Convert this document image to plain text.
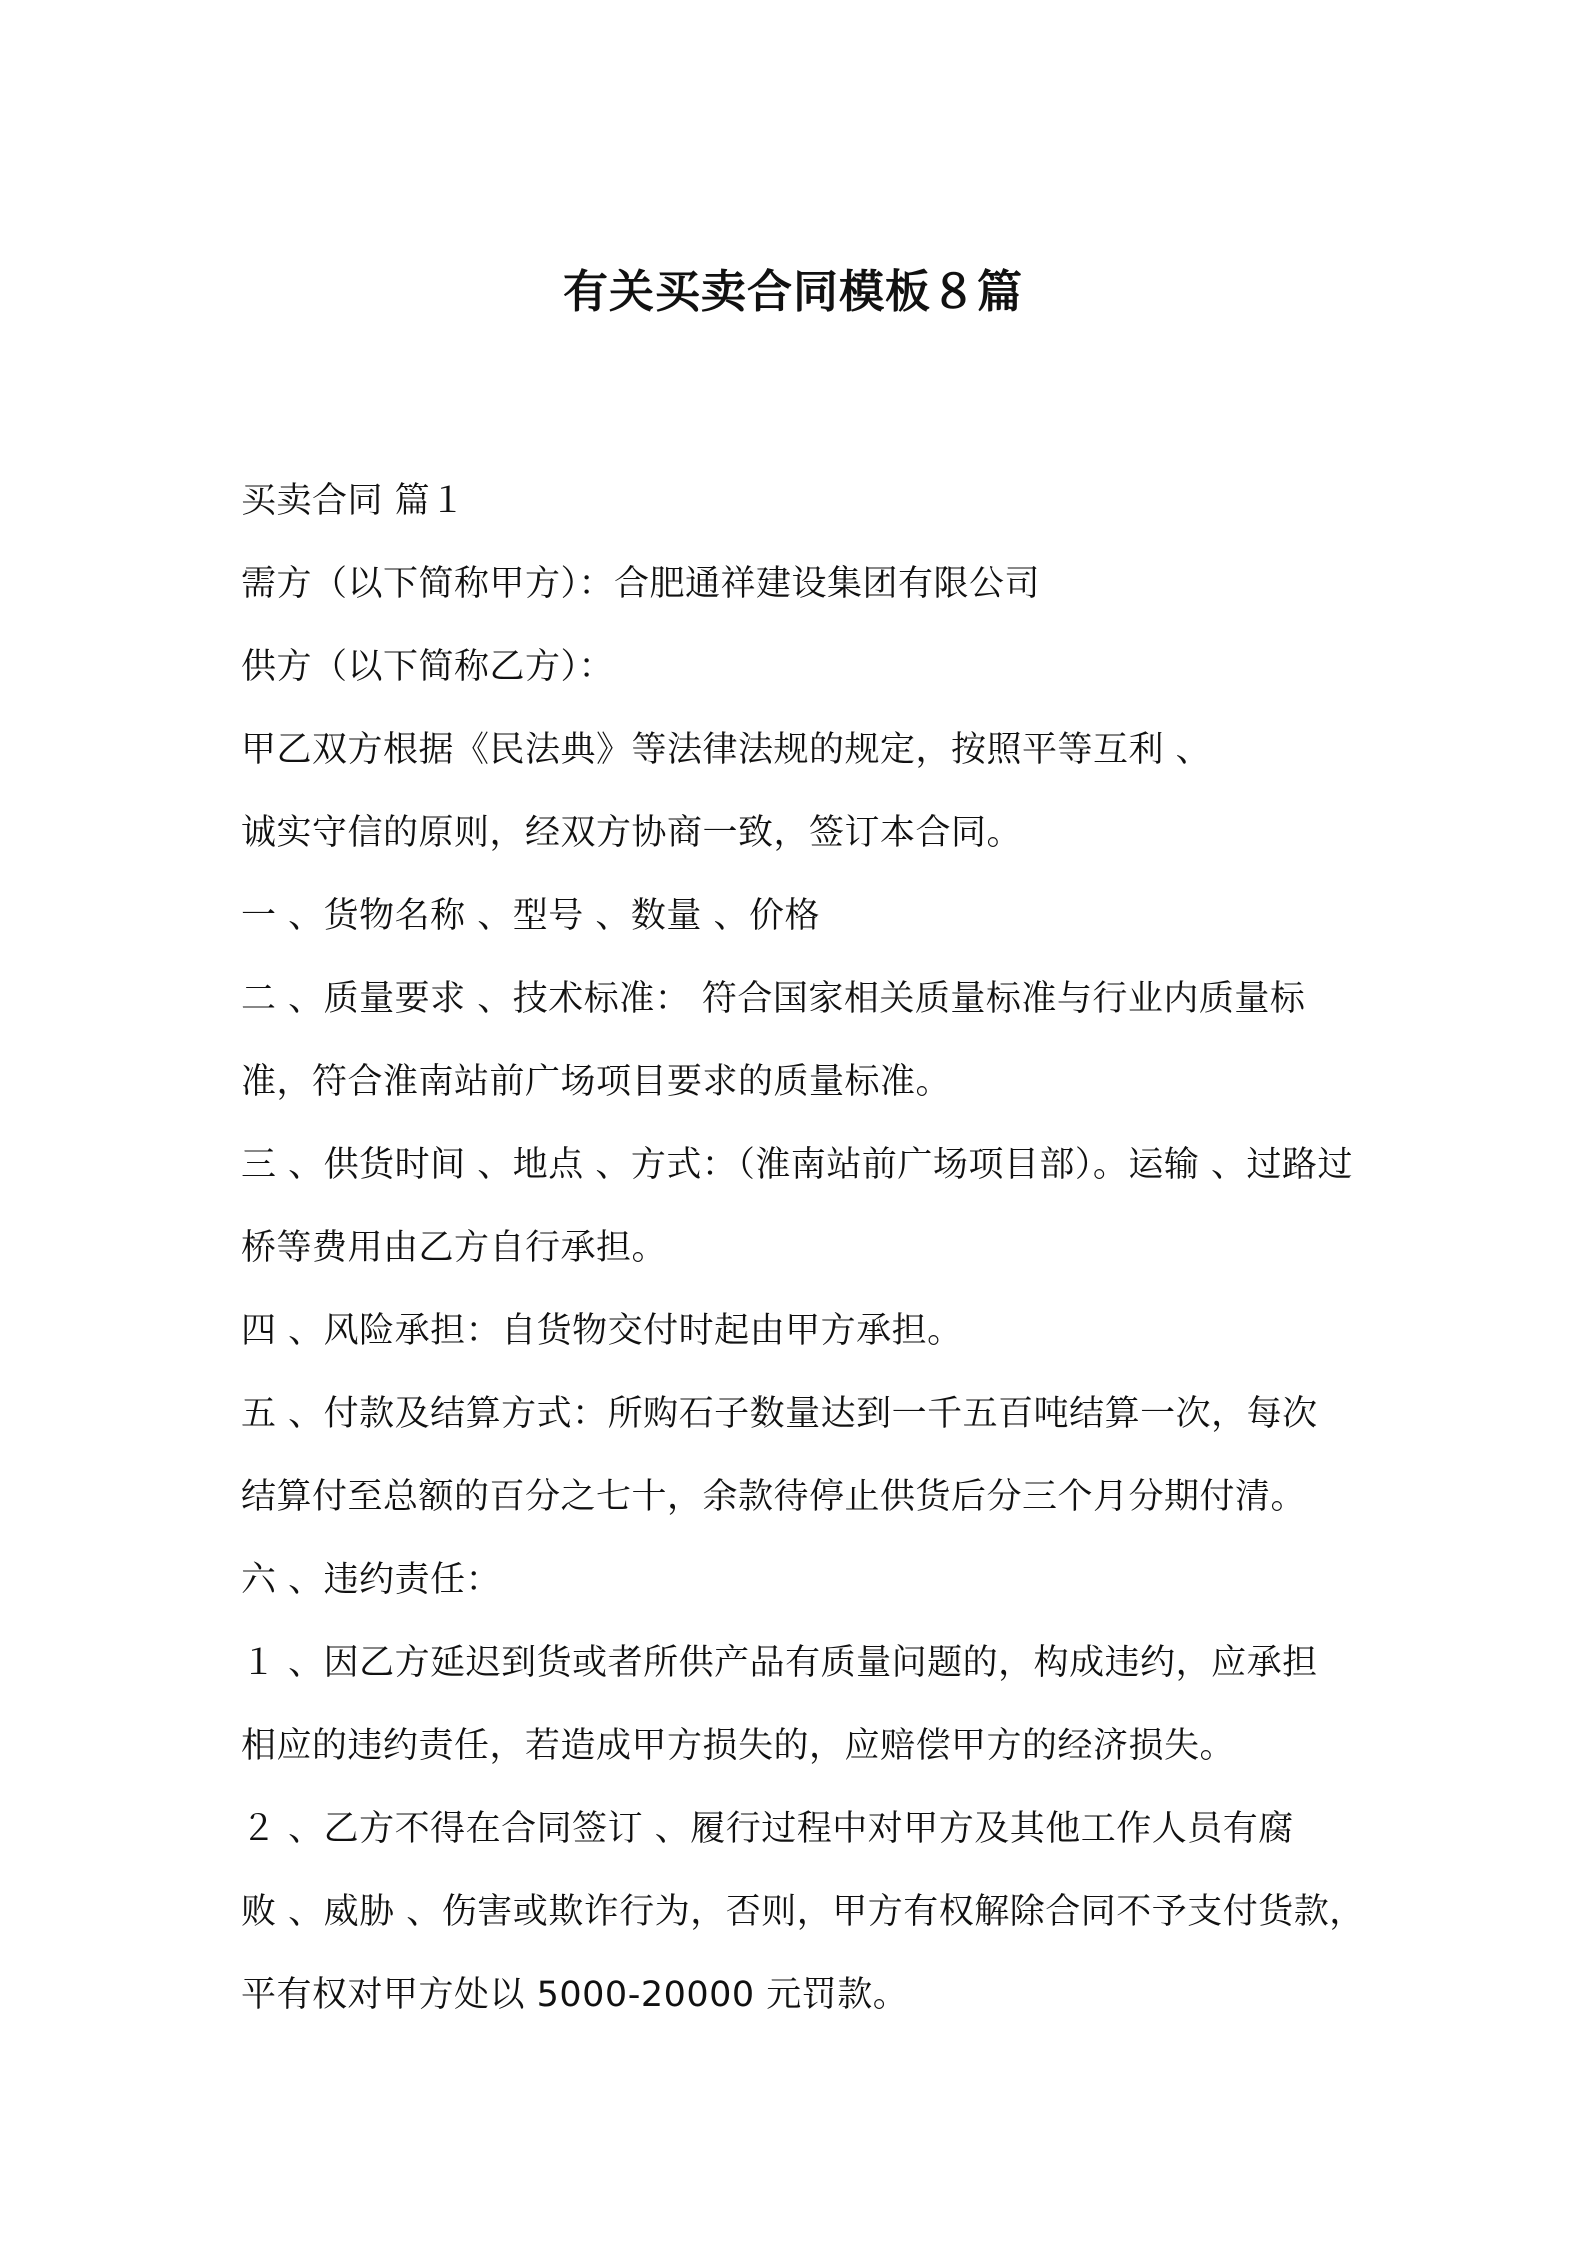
有关买卖合同模板８篇
买卖合同 篇１
需方（以下简称甲方）：合肥通祥建设集团有限公司
供方（以下简称乙方）：
甲乙双方根据《民法典》等法律法规的规定，按照平等互利 、
诚实守信的原则，经双方协商一致，签订本合同。
一 、货物名称 、型号 、数量 、价格
二 、质量要求 、技术标准： 符合国家相关质量标准与行业内质量标
准，符合淮南站前广场项目要求的质量标准。
三 、供货时间 、地点 、方式：（淮南站前广场项目部）。运输 、过路过
桥等费用由乙方自行承担。
四 、风险承担：自货物交付时起由甲方承担。
五 、付款及结算方式：所购石子数量达到一千五百吨结算一次，每次
结算付至总额的百分之七十，余款待停止供货后分三个月分期付清。
六 、违约责任：
１ 、因乙方延迟到货或者所供产品有质量问题的，构成违约，应承担
相应的违约责任，若造成甲方损失的，应赔偿甲方的经济损失。
２ 、乙方不得在合同签订 、履行过程中对甲方及其他工作人员有腐
败 、威胁 、伤害或欺诈行为，否则，甲方有权解除合同不予支付货款，
平有权对甲方处以 5000-20000 元罚款。
